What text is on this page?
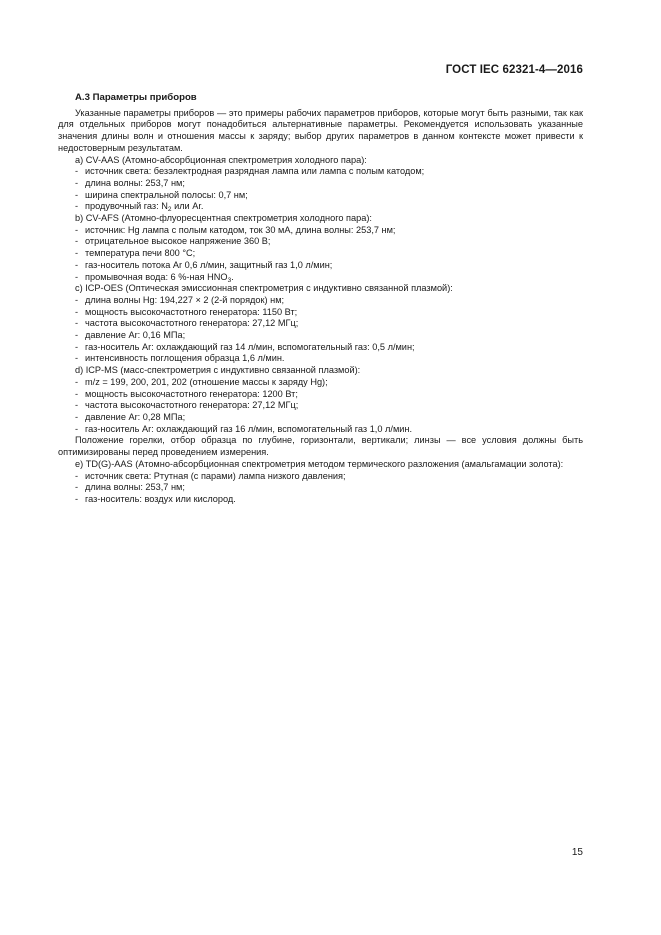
ГОСТ IEC 62321-4—2016
А.3 Параметры приборов

Указанные параметры приборов — это примеры рабочих параметров приборов, которые могут быть разными, так как для отдельных приборов могут понадобиться альтернативные параметры. Рекомендуется использовать указанные значения длины волн и отношения массы к заряду; выбор других параметров в данном контексте может привести к недостоверным результатам.

а) CV-AAS (Атомно-абсорбционная спектрометрия холодного пара):
- источник света: безэлектродная разрядная лампа или лампа с полым катодом;
- длина волны: 253,7 нм;
- ширина спектральной полосы: 0,7 нм;
- продувочный газ: $N_2$ или Ar.
b) CV-AFS (Атомно-флуоресцентная спектрометрия холодного пара):
- источник: Hg лампа с полым катодом, ток 30 мА, длина волны: 253,7 нм;
- отрицательное высокое напряжение 360 В;
- температура печи 800 °С;
- газ-носитель потока Ar 0,6 л/мин, защитный газ 1,0 л/мин;
- промывочная вода: 6 %-ная $HNO_3$.
с) ICP-OES (Оптическая эмиссионная спектрометрия с индуктивно связанной плазмой):
- длина волны Hg: 194,227 × 2 (2-й порядок) нм;
- мощность высокочастотного генератора: 1150 Вт;
- частота высокочастотного генератора: 27,12 МГц;
- давление Ar: 0,16 МПа;
- газ-носитель Ar: охлаждающий газ 14 л/мин, вспомогательный газ: 0,5 л/мин;
- интенсивность поглощения образца 1,6 л/мин.
d) ICP-MS (масс-спектрометрия с индуктивно связанной плазмой):
- m/z = 199, 200, 201, 202 (отношение массы к заряду Hg);
- мощность высокочастотного генератора: 1200 Вт;
- частота высокочастотного генератора: 27,12 МГц;
- давление Ar: 0,28 МПа;
- газ-носитель Ar: охлаждающий газ 16 л/мин, вспомогательный газ 1,0 л/мин.

Положение горелки, отбор образца по глубине, горизонтали, вертикали; линзы — все условия должны быть оптимизированы перед проведением измерения.

е) TD(G)-AAS (Атомно-абсорбционная спектрометрия методом термического разложения (амальгамации золота):

- источник света: Ртутная (с парами) лампа низкого давления;
- длина волны: 253,7 нм;
- газ-носитель: воздух или кислород.
15
